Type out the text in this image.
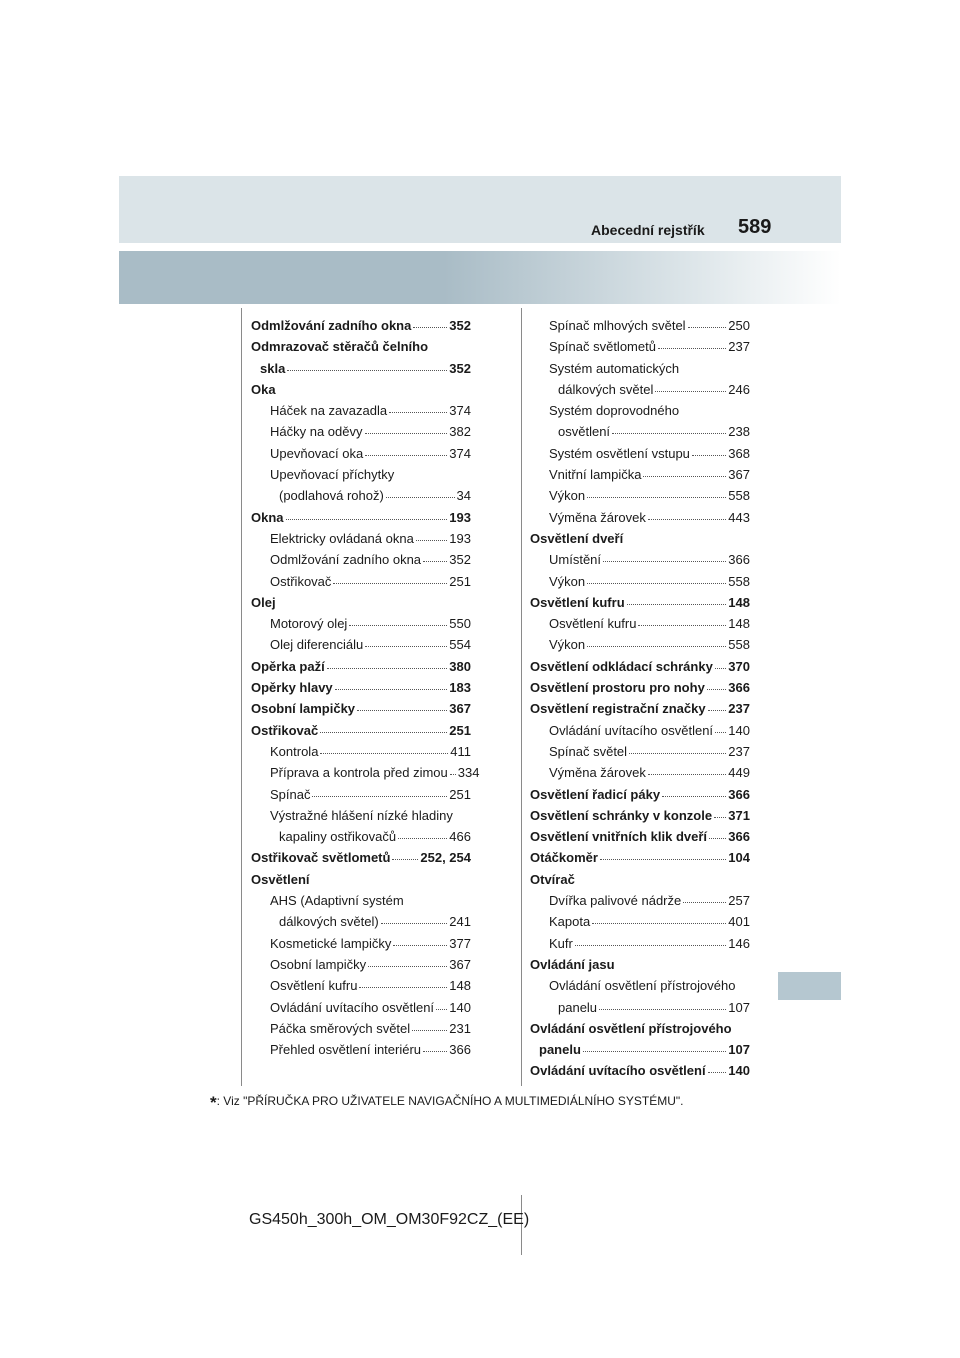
Abecední rejstřík 589
Odmlžování zadního okna	352
Odmrazovač stěračů čelního
skla	352
Oka
Háček na zavazadla	374
Háčky na oděvy	382
Upevňovací oka	374
Upevňovací příchytky
(podlahová rohož)	34
Okna	193
Elektricky ovládaná okna	193
Odmlžování zadního okna 352
Ostřikovač	251
Olej
Motorový olej	550
Olej diferenciálu	554
Opěrka paží	380
Opěrky hlavy	183
Osobní lampičky	367
Ostřikovač	251
Kontrola	411
Příprava a kontrola před zimou 334
Spínač	251
Výstražné hlášení nízké hladiny
kapaliny ostřikovačů	466
Ostřikovač světlometů 252, 254
Osvětlení
AHS (Adaptivní systém
dálkových světel)	241
Kosmetické lampičky	377
Osobní lampičky	367
Osvětlení kufru	148
Ovládání uvítacího osvětlení 140
Páčka směrových světel	231
Přehled osvětlení interiéru 366
Spínač mlhových světel	250
Spínač světlometů	237
Systém automatických
dálkových světel	246
Systém doprovodného
osvětlení	238
Systém osvětlení vstupu	368
Vnitřní lampička	367
Výkon	558
Výměna žárovek	443
Osvětlení dveří
Umístění	366
Výkon	558
Osvětlení kufru	148
Osvětlení kufru	148
Výkon	558
Osvětlení odkládací schránky 370
Osvětlení prostoru pro nohy 366
Osvětlení registrační značky 237
Ovládání uvítacího osvětlení 140
Spínač světel	237
Výměna žárovek	449
Osvětlení řadicí páky	366
Osvětlení schránky v konzole 371
Osvětlení vnitřních klik dveří 366
Otáčkoměr	104
Otvírač
Dvířka palivové nádrže	257
Kapota	401
Kufr	146
Ovládání jasu
Ovládání osvětlení přístrojového
panelu	107
Ovládání osvětlení přístrojového
panelu	107
Ovládání uvítacího osvětlení 140
*: Viz "PŘÍRUČKA PRO UŽIVATELE NAVIGAČNÍHO A MULTIMEDIÁLNÍHO SYSTÉMU".
GS450h_300h_OM_OM30F92CZ_(EE)
